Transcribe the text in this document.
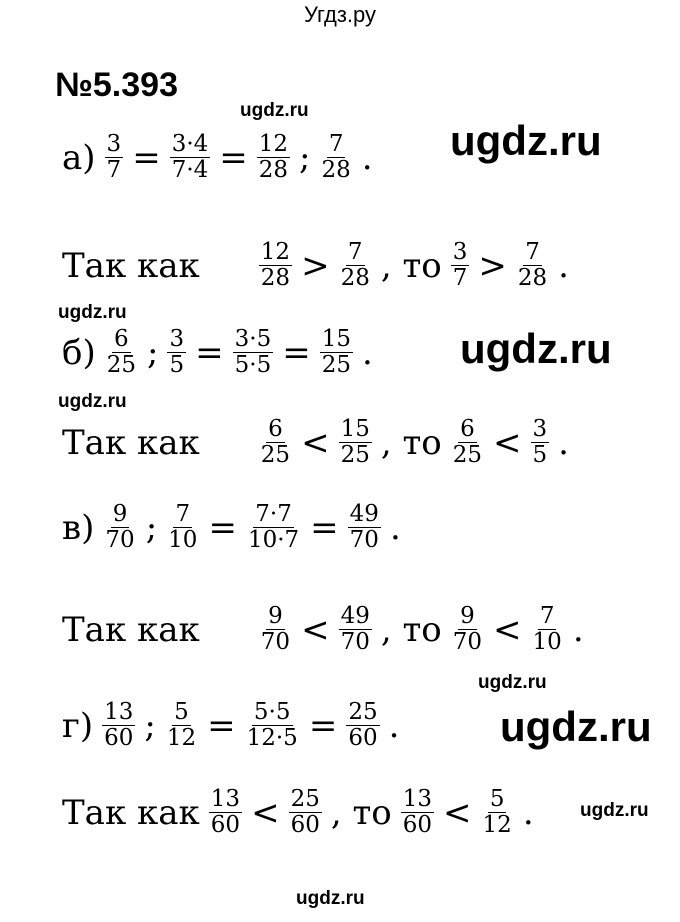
Угдз.ру
№5.393
$а) \frac{3}{7} = \frac{3\cdot 4}{7\cdot 4} = \frac{12}{28}$ ; $\frac{7}{28}$ .
Так как	$\frac{12}{28} > \frac{7}{28}$ , то $\frac{3}{7} > \frac{7}{28}$ .
$б) \frac{6}{25}$ ; $\frac{3}{5} = \frac{3\cdot 5}{5\cdot 5} = \frac{15}{25}$ .
Так как	$\frac{6}{25} < \frac{15}{25}$ , то $\frac{6}{25} < \frac{3}{5}$ .
$в) \frac{9}{70}$ ; $\frac{7}{10} = \frac{7\cdot 7}{10\cdot 7} = \frac{49}{70}$ .
Так как	$\frac{9}{70} < \frac{49}{70}$ , то $\frac{9}{70} < \frac{7}{10}$ .
$г) \frac{13}{60}$ ; $\frac{5}{12} = \frac{5\cdot 5}{12\cdot 5} = \frac{25}{60}$ .
Так как $\frac{13}{60} < \frac{25}{60}$ , то $\frac{13}{60} < \frac{5}{12}$ .
ugdz.ru
ugdz.ru
ugdz.ru
ugdz.ru
ugdz.ru
ugdz.ru
ugdz.ru
ugdz.ru
ugdz.ru
